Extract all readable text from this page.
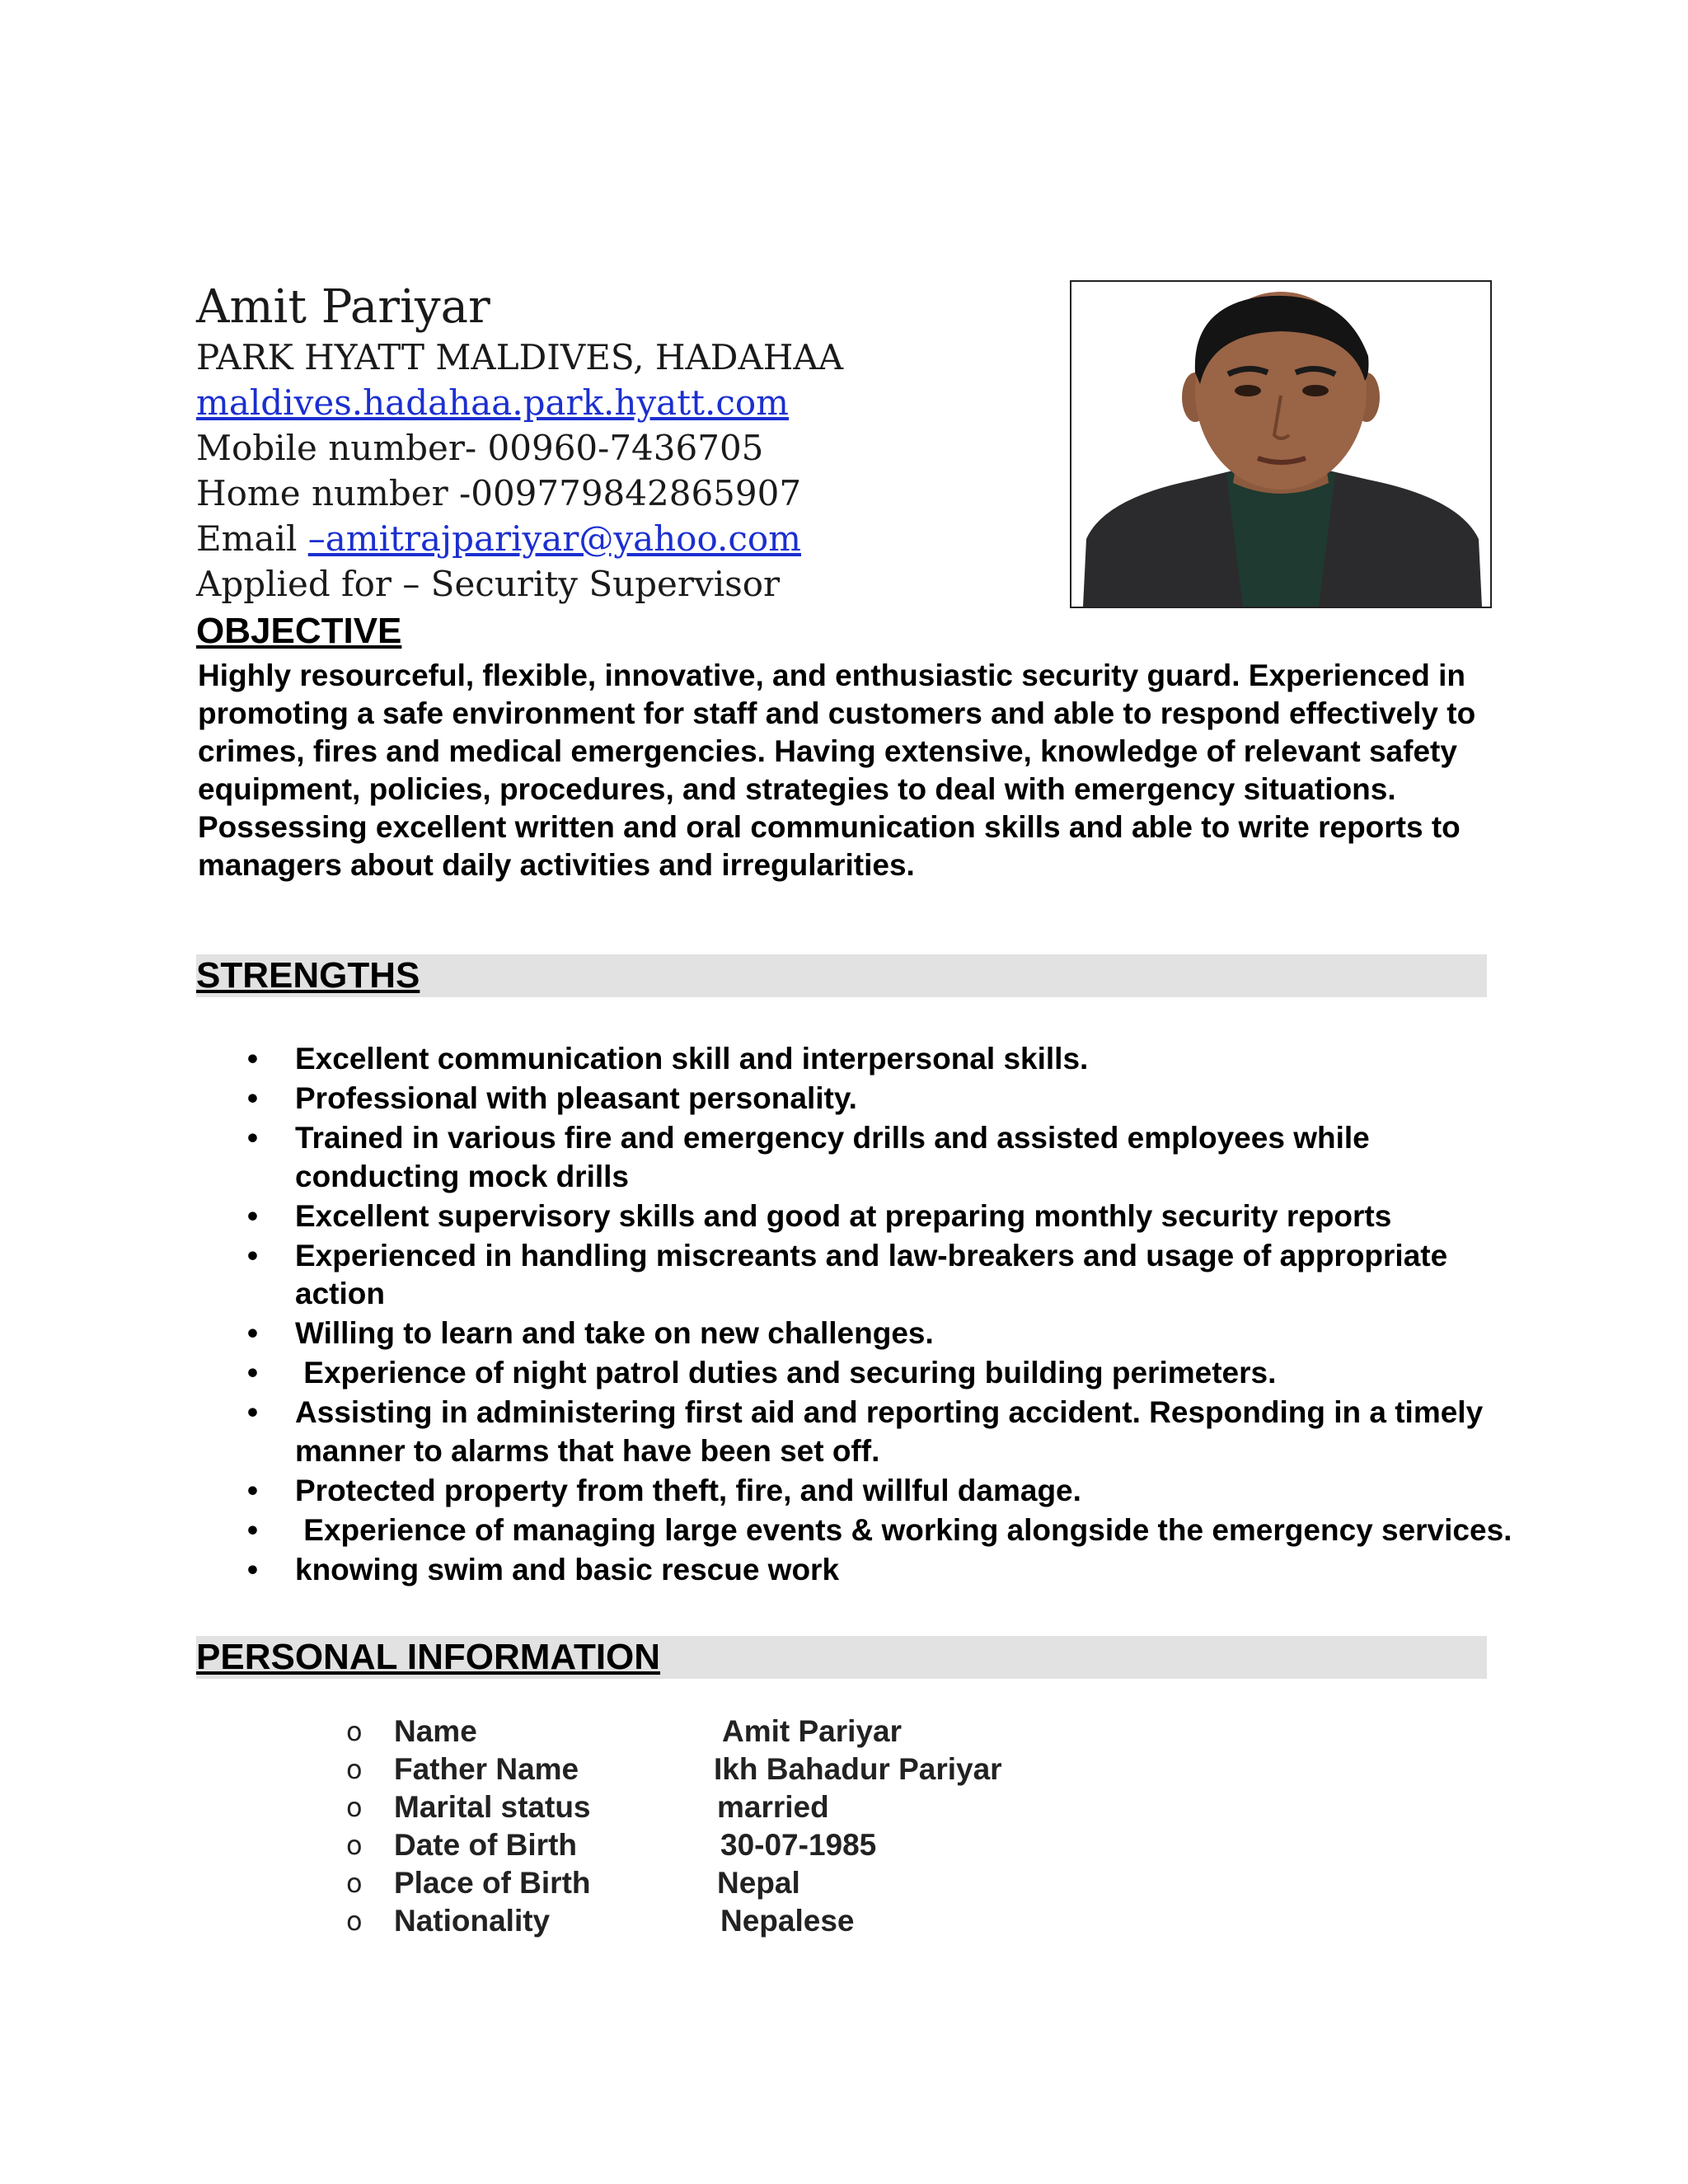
Amit Pariyar
PARK HYATT MALDIVES, HADAHAA
maldives.hadahaa.park.hyatt.com
Mobile number- 00960-7436705
Home number -009779842865907
Email –amitrajpariyar@yahoo.com
Applied for – Security Supervisor
OBJECTIVE
Highly resourceful, flexible, innovative, and enthusiastic security guard. Experienced in promoting a safe environment for staff and customers and able to respond effectively to crimes, fires and medical emergencies. Having extensive, knowledge of relevant safety equipment, policies, procedures, and strategies to deal with emergency situations. Possessing excellent written and oral communication skills and able to write reports to managers about daily activities and irregularities.
STRENGTHS
• Excellent communication skill and interpersonal skills.
• Professional with pleasant personality.
• Trained in various fire and emergency drills and assisted employees while conducting mock drills
• Excellent supervisory skills and good at preparing monthly security reports
• Experienced in handling miscreants and law-breakers and usage of appropriate action
• Willing to learn and take on new challenges.
• Experience of night patrol duties and securing building perimeters.
• Assisting in administering first aid and reporting accident. Responding in a timely manner to alarms that have been set off.
• Protected property from theft, fire, and willful damage.
• Experience of managing large events & working alongside the emergency services.
• knowing swim and basic rescue work
PERSONAL INFORMATION
o Name	Amit Pariyar
o Father Name	Ikh Bahadur Pariyar
o Marital status	married
o Date of Birth	30-07-1985
o Place of Birth	Nepal
o Nationality	Nepalese
